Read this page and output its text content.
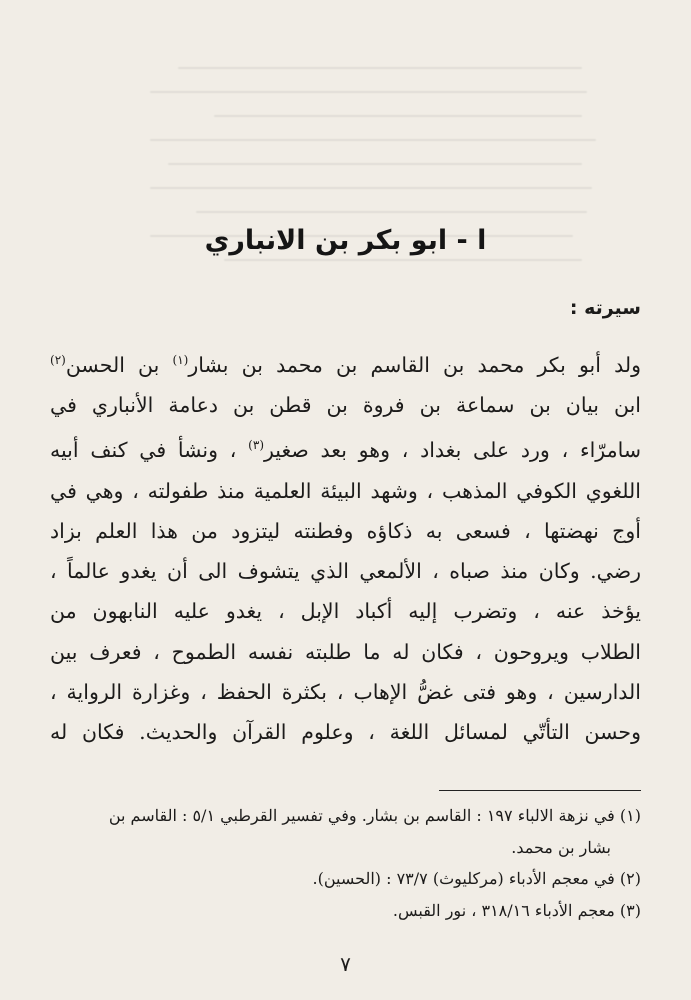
ا - ابو بكر بن الانباري
سيرته :
ولد أبو بكر محمد بن القاسم بن محمد بن بشار$^{(١)}$ بن الحسن$^{(٢)}$
ابن بيان بن سماعة بن فروة بن قطن بن دعامة الأنباري في
سامرّاء ، ورد على بغداد ، وهو بعد صغير$^{(٣)}$ ، ونشأ في كنف أبيه
اللغوي الكوفي المذهب ، وشهد البيئة العلمية منذ طفولته ، وهي في
أوج نهضتها ، فسعى به ذكاؤه وفطنته ليتزود من هذا العلم بزاد
رضي. وكان منذ صباه ، الألمعي الذي يتشوف الى أن يغدو عالماً ،
يؤخذ عنه ، وتضرب إليه أكباد الإبل ، يغدو عليه النابهون من
الطلاب ويروحون ، فكان له ما طلبته نفسه الطموح ، فعرف بين
الدارسين ، وهو فتى غضُّ الإهاب ، بكثرة الحفظ ، وغزارة الرواية ،
وحسن التأتّي لمسائل اللغة ، وعلوم القرآن والحديث. فكان له
(١) في نزهة الالباء ١٩٧ : القاسم بن بشار. وفي تفسير القرطبي ٥/١ : القاسم بن
بشار بن محمد.
(٢) في معجم الأدباء (مركليوث) ٧٣/٧ : (الحسين).
(٣) معجم الأدباء ٣١٨/١٦ ، نور القبس.
٧
